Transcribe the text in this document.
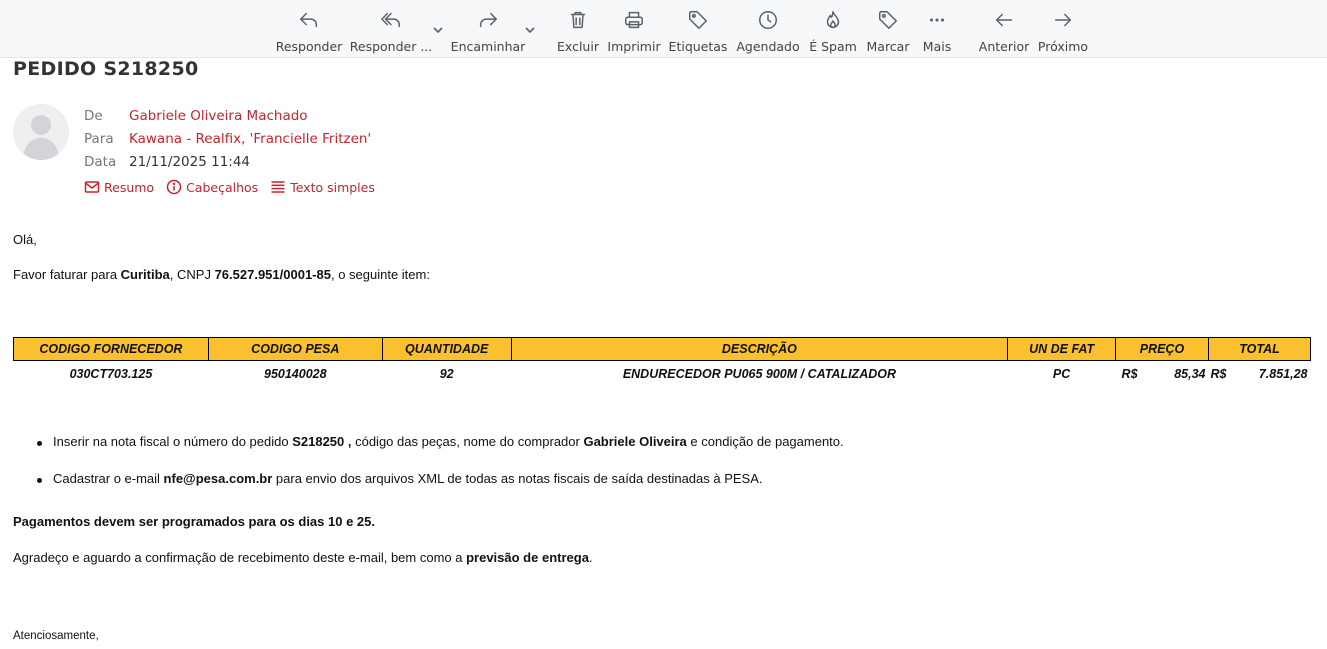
Responder Responder ... Encaminhar	Excluir Imprimir Etiquetas Agendado É Spam Marcar Mais Anterior Próximo
PEDIDO S218250
De Gabriele Oliveira Machado
Para Kawana - Realfix, 'Francielle Fritzen'
Data 21/11/2025 11:44
Resumo	Cabeçalhos	Texto simples

Olá,

Favor faturar para Curitiba, CNPJ 76.527.951/0001-85, o seguinte item:

CODIGO FORNECEDOR	CODIGO PESA	QUANTIDADE	DESCRIÇÃO	UN DE FAT	PREÇO	TOTAL
030CT703.125	950140028	92	ENDURECEDOR PU065 900M / CATALIZADOR	PC	R$ 85,34	R$ 7.851,28
Inserir na nota fiscal o número do pedido S218250 , código das peças, nome do comprador Gabriele Oliveira e condição de pagamento.
Cadastrar o e-mail nfe@pesa.com.br para envio dos arquivos XML de todas as notas fiscais de saída destinadas à PESA.

Pagamentos devem ser programados para os dias 10 e 25.

Agradeço e aguardo a confirmação de recebimento deste e-mail, bem como a previsão de entrega.

Atenciosamente,
